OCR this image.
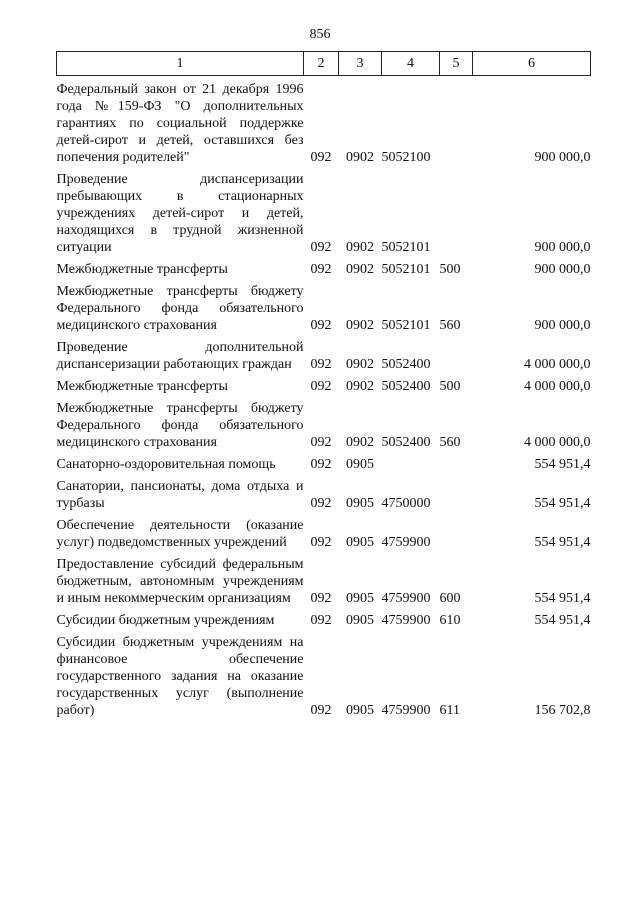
856
1	2	3	4	5	6
Федеральный закон от 21 декабря 1996 года №159-ФЗ "О дополнительных гарантиях по социальной поддержке детей-сирот и детей, оставшихся без попечения родителей"	092	0902	5052100		900 000,0
Проведение диспансеризации пребывающих в стационарных учреждениях детей-сирот и детей, находящихся в трудной жизненной ситуации	092	0902	5052101		900 000,0
Межбюджетные трансферты	092	0902	5052101	500	900 000,0
Межбюджетные трансферты бюджету Федерального фонда обязательного медицинского страхования	092	0902	5052101	560	900 000,0
Проведение дополнительной диспансеризации работающих граждан	092	0902	5052400		4 000 000,0
Межбюджетные трансферты	092	0902	5052400	500	4 000 000,0
Межбюджетные трансферты бюджету Федерального фонда обязательного медицинского страхования	092	0902	5052400	560	4 000 000,0
Санаторно-оздоровительная помощь	092	0905			554 951,4
Санатории, пансионаты, дома отдыха и турбазы	092	0905	4750000		554 951,4
Обеспечение деятельности (оказание услуг) подведомственных учреждений	092	0905	4759900		554 951,4
Предоставление субсидий федеральным бюджетным, автономным учреждениям и иным некоммерческим организациям	092	0905	4759900	600	554 951,4
Субсидии бюджетным учреждениям	092	0905	4759900	610	554 951,4
Субсидии бюджетным учреждениям на финансовое обеспечение государственного задания на оказание государственных услуг (выполнение работ)	092	0905	4759900	611	156 702,8
